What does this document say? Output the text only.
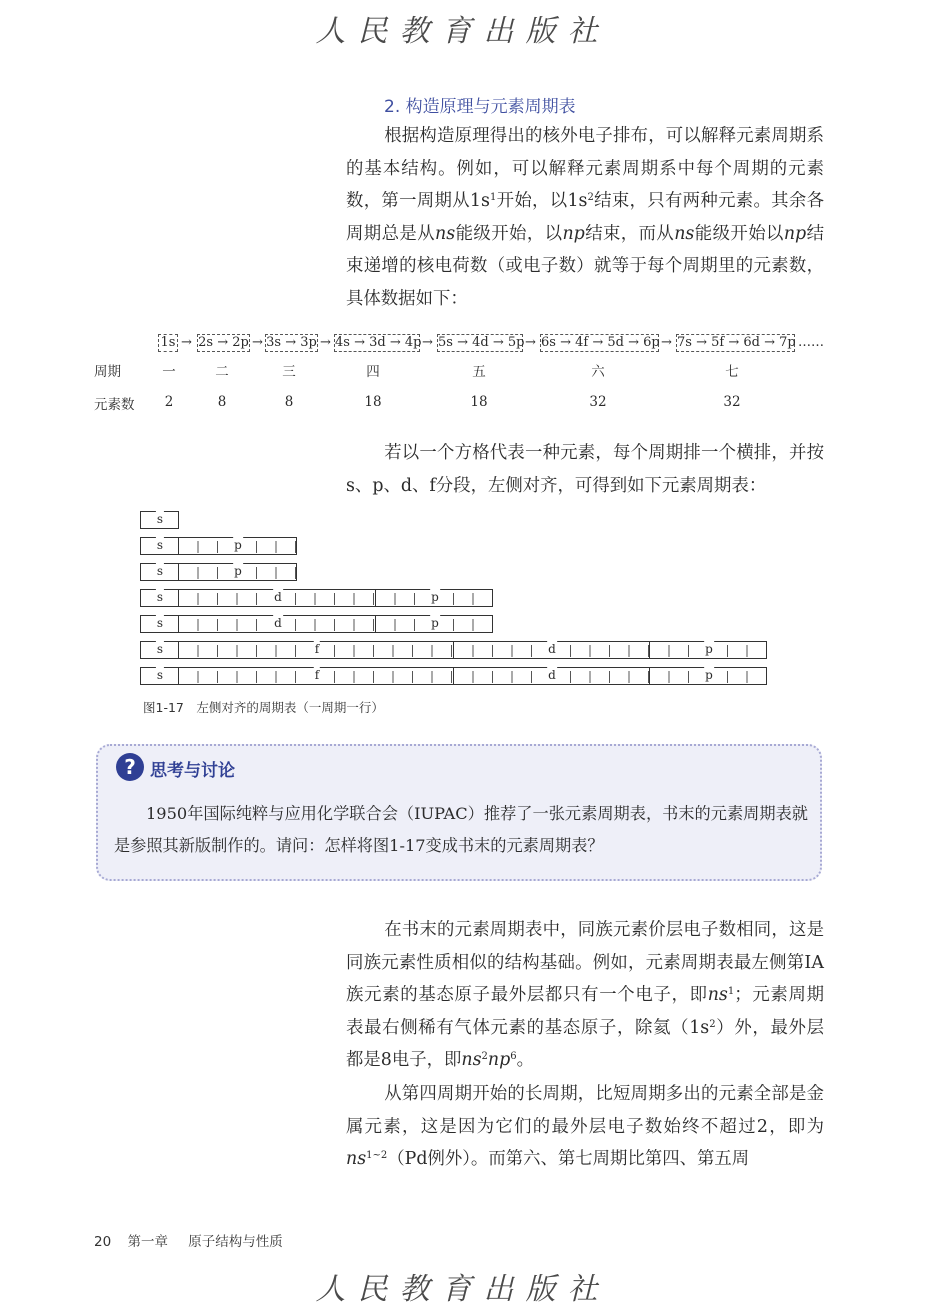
人民教育出版社
2. 构造原理与元素周期表

根据构造原理得出的核外电子排布，可以解释元素周期系的基本结构。例如，可以解释元素周期系中每个周期的元素数，第一周期从$1s^1$开始，以$1s^2$结束，只有两种元素。其余各周期总是从ns能级开始，以np结束，而从ns能级开始以np结束递增的核电荷数（或电子数）就等于每个周期里的元素数，具体数据如下：

1s → 2s → 2p → 3s → 3p → 4s → 3d → 4p → 5s → 4d → 5p → 6s → 4f → 5d → 6p → 7s → 5f → 6d → 7p ……
周期	一	二	三	四	五	六	七
元素数 2	8	8	18	18	32	32

若以一个方格代表一种元素，每个周期排一个横排，并按s、p、d、f分段，左侧对齐，可得到如下元素周期表：

s
s	p
s	p
s	d	p
s	d	p
s	f	d	p
s	f	d	p
图1-17　左侧对齐的周期表（一周期一行）
? 思考与讨论

1950年国际纯粹与应用化学联合会（IUPAC）推荐了一张元素周期表，书末的元素周期表就是参照其新版制作的。请问：怎样将图1-17变成书末的元素周期表？

在书末的元素周期表中，同族元素价层电子数相同，这是同族元素性质相似的结构基础。例如，元素周期表最左侧第ⅠA族元素的基态原子最外层都只有一个电子，即$ns^1$；元素周期表最右侧稀有气体元素的基态原子，除氦$(1s^2)$外，最外层都是8电子，即$ns^2np^6$。

从第四周期开始的长周期，比短周期多出的元素全部是金属元素，这是因为它们的最外层电子数始终不超过2，即为$ns^{1\sim 2}(Pd$例外）。而第六、第七周期比第四、第五周

20 第一章 原子结构与性质
人民教育出版社
